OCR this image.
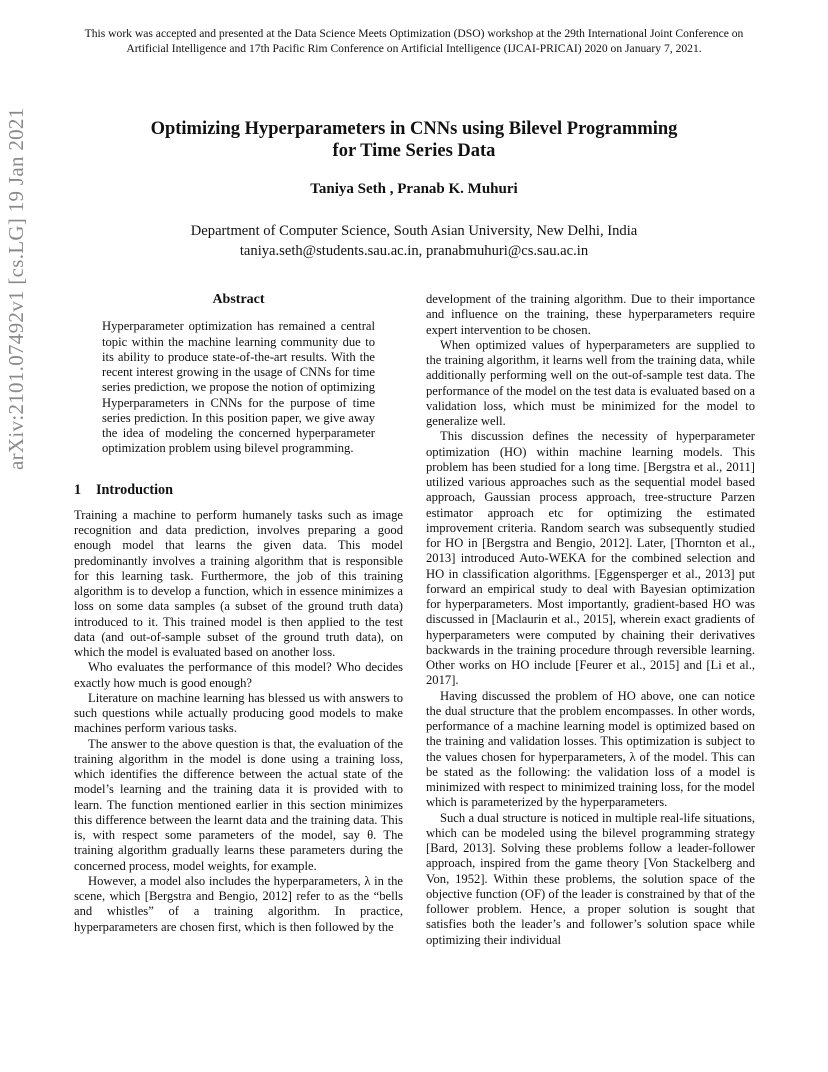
This work was accepted and presented at the Data Science Meets Optimization (DSO) workshop at the 29th International Joint Conference on Artificial Intelligence and 17th Pacific Rim Conference on Artificial Intelligence (IJCAI-PRICAI) 2020 on January 7, 2021.
Optimizing Hyperparameters in CNNs using Bilevel Programming
for Time Series Data
Taniya Seth , Pranab K. Muhuri
Department of Computer Science, South Asian University, New Delhi, India
taniya.seth@students.sau.ac.in, pranabmuhuri@cs.sau.ac.in
arXiv:2101.07492v1 [cs.LG] 19 Jan 2021	Abstract

Hyperparameter optimization has remained a central topic within the machine learning community due to its ability to produce state-of-the-art results. With the recent interest growing in the usage of CNNs for time series prediction, we propose the notion of optimizing Hyperparameters in CNNs for the purpose of time series prediction. In this position paper, we give away the idea of modeling the concerned hyperparameter optimization problem using bilevel programming.

1 Introduction

Training a machine to perform humanely tasks such as image recognition and data prediction, involves preparing a good enough model that learns the given data. This model predominantly involves a training algorithm that is responsible for this learning task. Furthermore, the job of this training algorithm is to develop a function, which in essence minimizes a loss on some data samples (a subset of the ground truth data) introduced to it. This trained model is then applied to the test data (and out-of-sample subset of the ground truth data), on which the model is evaluated based on another loss.

Who evaluates the performance of this model? Who decides exactly how much is good enough?

Literature on machine learning has blessed us with answers to such questions while actually producing good models to make machines perform various tasks.

The answer to the above question is that, the evaluation of the training algorithm in the model is done using a training loss, which identifies the difference between the actual state of the model’s learning and the training data it is provided with to learn. The function mentioned earlier in this section minimizes this difference between the learnt data and the training data. This is, with respect some parameters of the model, say θ. The training algorithm gradually learns these parameters during the concerned process, model weights, for example.

However, a model also includes the hyperparameters, λ in the scene, which [Bergstra and Bengio, 2012] refer to as the “bells and whistles” of a training algorithm. In practice, hyperparameters are chosen first, which is then followed by the

development of the training algorithm. Due to their importance and influence on the training, these hyperparameters require expert intervention to be chosen.

When optimized values of hyperparameters are supplied to the training algorithm, it learns well from the training data, while additionally performing well on the out-of-sample test data. The performance of the model on the test data is evaluated based on a validation loss, which must be minimized for the model to generalize well.

This discussion defines the necessity of hyperparameter optimization (HO) within machine learning models. This problem has been studied for a long time. [Bergstra et al., 2011] utilized various approaches such as the sequential model based approach, Gaussian process approach, tree-structure Parzen estimator approach etc for optimizing the estimated improvement criteria. Random search was subsequently studied for HO in [Bergstra and Bengio, 2012]. Later, [Thornton et al., 2013] introduced Auto-WEKA for the combined selection and HO in classification algorithms. [Eggensperger et al., 2013] put forward an empirical study to deal with Bayesian optimization for hyperparameters. Most importantly, gradient-based HO was discussed in [Maclaurin et al., 2015], wherein exact gradients of hyperparameters were computed by chaining their derivatives backwards in the training procedure through reversible learning. Other works on HO include [Feurer et al., 2015] and [Li et al., 2017].

Having discussed the problem of HO above, one can notice the dual structure that the problem encompasses. In other words, performance of a machine learning model is optimized based on the training and validation losses. This optimization is subject to the values chosen for hyperparameters, λ of the model. This can be stated as the following: the validation loss of a model is minimized with respect to minimized training loss, for the model which is parameterized by the hyperparameters.

Such a dual structure is noticed in multiple real-life situations, which can be modeled using the bilevel programming strategy [Bard, 2013]. Solving these problems follow a leader-follower approach, inspired from the game theory [Von Stackelberg and Von, 1952]. Within these problems, the solution space of the objective function (OF) of the leader is constrained by that of the follower problem. Hence, a proper solution is sought that satisfies both the leader’s and follower’s solution space while optimizing their individual
